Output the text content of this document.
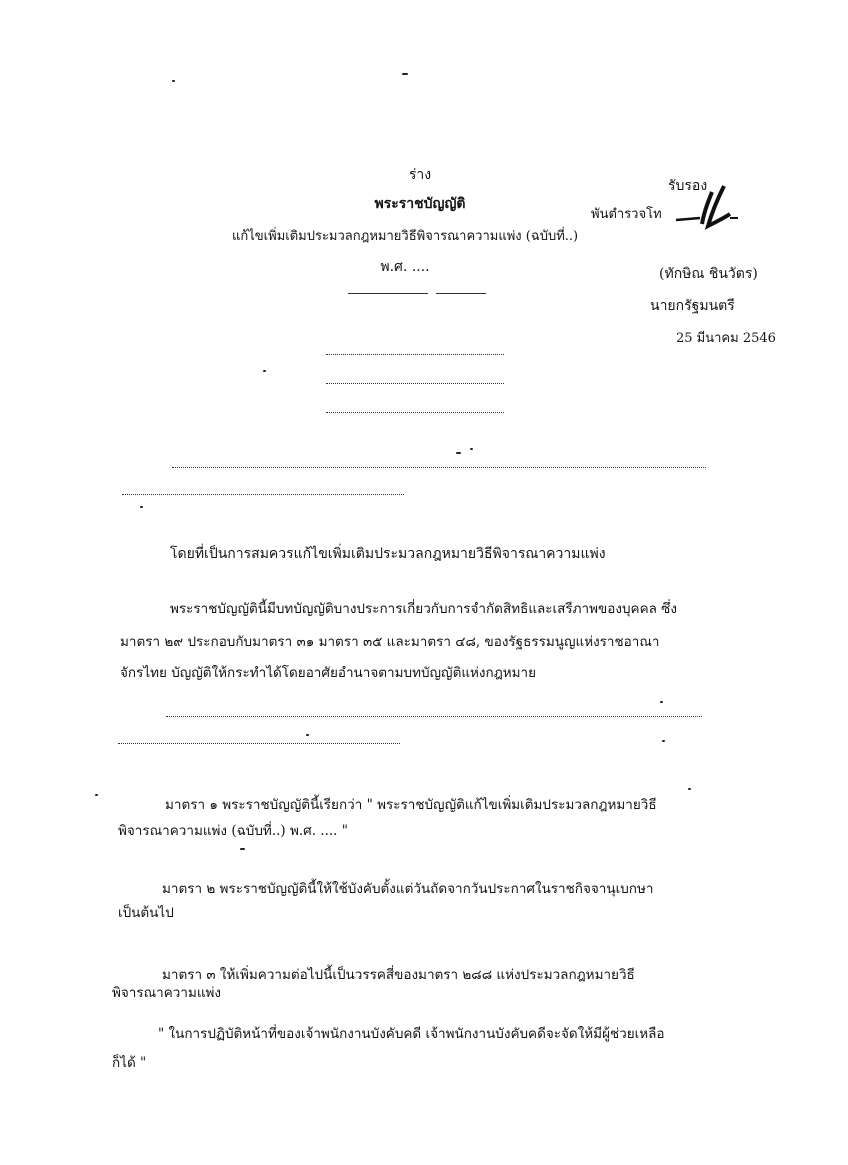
ร่าง
พระราชบัญญัติ
แก้ไขเพิ่มเติมประมวลกฎหมายวิธีพิจารณาความแพ่ง (ฉบับที่..)
พ.ศ. ....
รับรอง
พันตำรวจโท
(ทักษิณ ชินวัตร)
นายกรัฐมนตรี
25 มีนาคม 2546
โดยที่เป็นการสมควรแก้ไขเพิ่มเติมประมวลกฎหมายวิธีพิจารณาความแพ่ง
พระราชบัญญัตินี้มีบทบัญญัติบางประการเกี่ยวกับการจำกัดสิทธิและเสรีภาพของบุคคล ซึ่ง
มาตรา ๒๙ ประกอบกับมาตรา ๓๑ มาตรา ๓๕ และมาตรา ๔๘, ของรัฐธรรมนูญแห่งราชอาณา
จักรไทย บัญญัติให้กระทำได้โดยอาศัยอำนาจตามบทบัญญัติแห่งกฎหมาย
มาตรา ๑ พระราชบัญญัตินี้เรียกว่า " พระราชบัญญัติแก้ไขเพิ่มเติมประมวลกฎหมายวิธี
พิจารณาความแพ่ง (ฉบับที่..) พ.ศ. .... "
มาตรา ๒ พระราชบัญญัตินี้ให้ใช้บังคับตั้งแต่วันถัดจากวันประกาศในราชกิจจานุเบกษา
เป็นต้นไป
มาตรา ๓ ให้เพิ่มความต่อไปนี้เป็นวรรคสี่ของมาตรา ๒๘๘ แห่งประมวลกฎหมายวิธี
พิจารณาความแพ่ง
" ในการปฏิบัติหน้าที่ของเจ้าพนักงานบังคับคดี เจ้าพนักงานบังคับคดีจะจัดให้มีผู้ช่วยเหลือ
ก็ได้ "
